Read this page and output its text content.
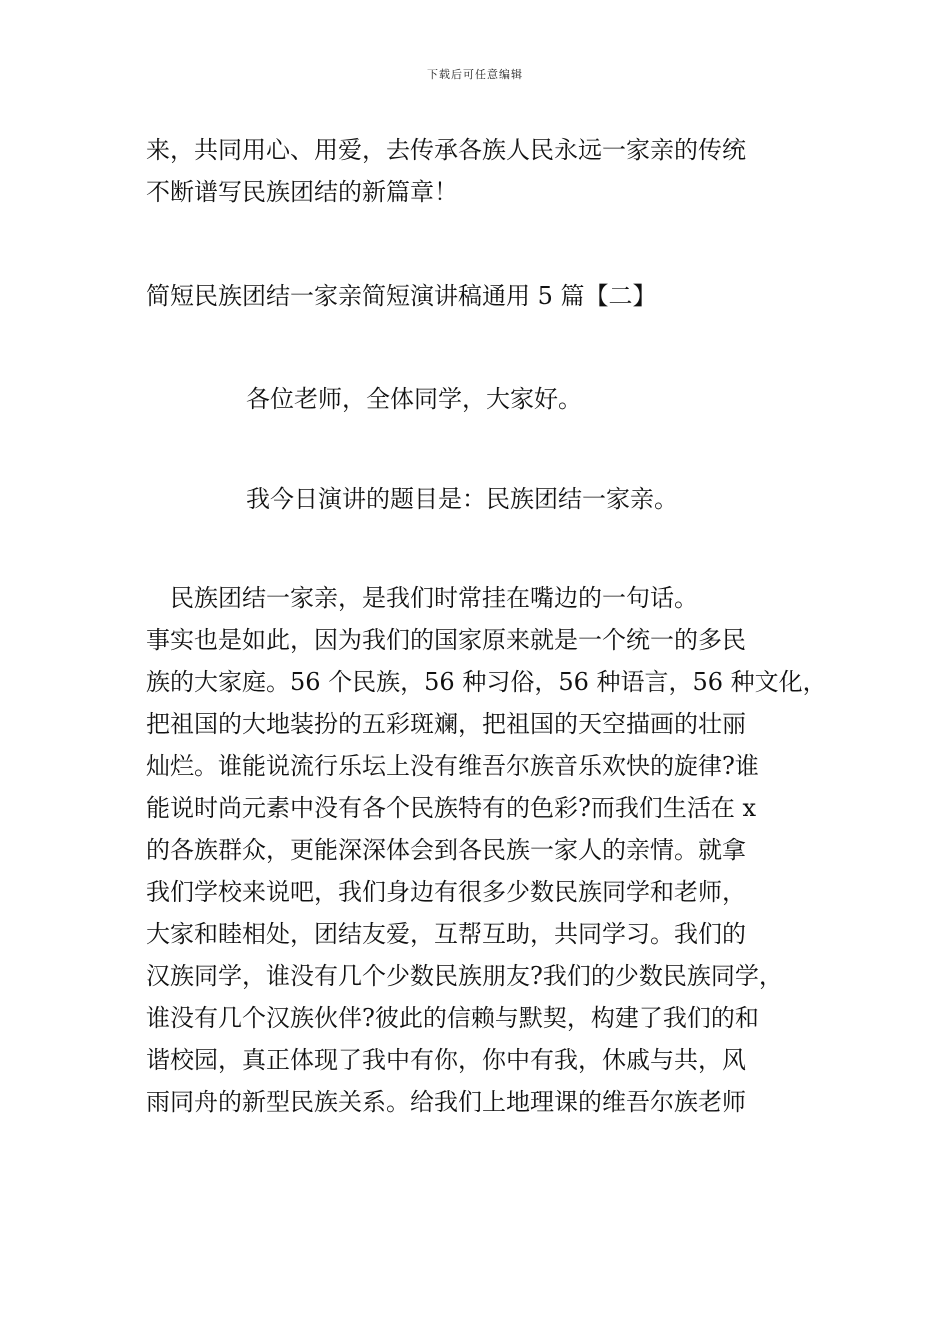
下载后可任意编辑
来，共同用心、用爱，去传承各族人民永远一家亲的传统
不断谱写民族团结的新篇章！
简短民族团结一家亲简短演讲稿通用 5 篇【二】
各位老师，全体同学，大家好。
我今日演讲的题目是：民族团结一家亲。
　民族团结一家亲，是我们时常挂在嘴边的一句话。
事实也是如此，因为我们的国家原来就是一个统一的多民
族的大家庭。56 个民族，56 种习俗，56 种语言，56 种文化，
把祖国的大地装扮的五彩斑斓，把祖国的天空描画的壮丽
灿烂。谁能说流行乐坛上没有维吾尔族音乐欢快的旋律?谁
能说时尚元素中没有各个民族特有的色彩?而我们生活在 x
的各族群众，更能深深体会到各民族一家人的亲情。就拿
我们学校来说吧，我们身边有很多少数民族同学和老师，
大家和睦相处，团结友爱，互帮互助，共同学习。我们的
汉族同学，谁没有几个少数民族朋友?我们的少数民族同学，
谁没有几个汉族伙伴?彼此的信赖与默契，构建了我们的和
谐校园，真正体现了我中有你，你中有我，休戚与共，风
雨同舟的新型民族关系。给我们上地理课的维吾尔族老师
